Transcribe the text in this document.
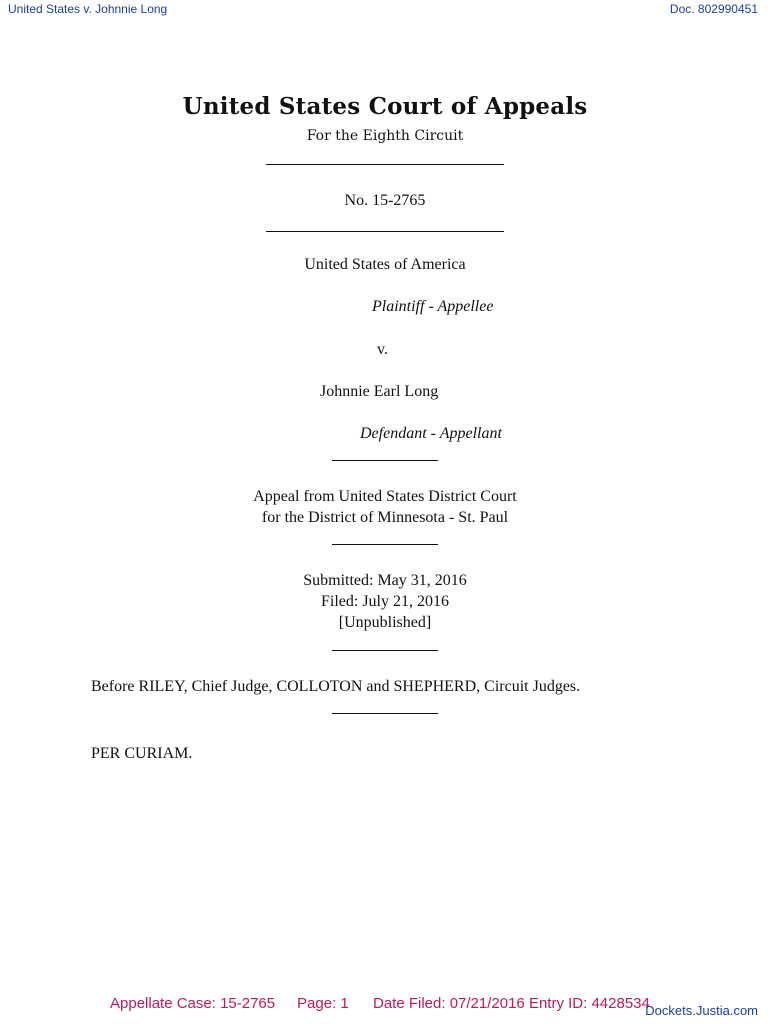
United States v. Johnnie Long	Doc. 802990451
United States Court of Appeals
For the Eighth Circuit
No. 15-2765
United States of America
Plaintiff - Appellee
v.
Johnnie Earl Long
Defendant - Appellant
Appeal from United States District Court
for the District of Minnesota - St. Paul
Submitted: May 31, 2016
Filed: July 21, 2016
[Unpublished]
Before RILEY, Chief Judge, COLLOTON and SHEPHERD, Circuit Judges.
PER CURIAM.
Appellate Case: 15-2765 Page: 1 Date Filed: 07/21/2016 Entry ID: 4428534
Dockets.Justia.com
